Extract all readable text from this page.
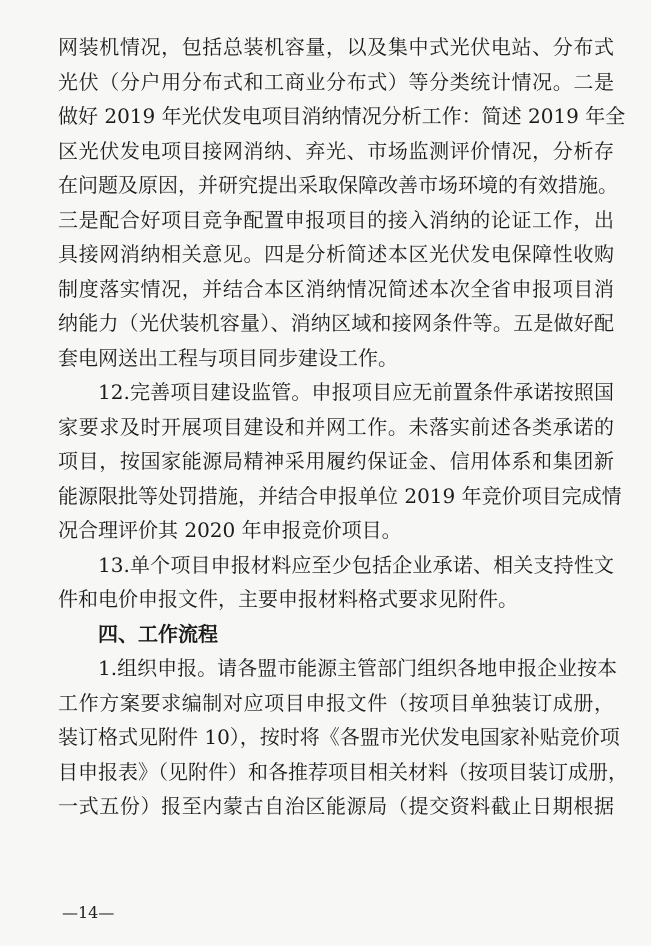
网装机情况，包括总装机容量，以及集中式光伏电站、分布式
光伏（分户用分布式和工商业分布式）等分类统计情况。二是
做好 2019 年光伏发电项目消纳情况分析工作：简述 2019 年全
区光伏发电项目接网消纳、弃光、市场监测评价情况，分析存
在问题及原因，并研究提出采取保障改善市场环境的有效措施。
三是配合好项目竞争配置申报项目的接入消纳的论证工作，出
具接网消纳相关意见。四是分析简述本区光伏发电保障性收购
制度落实情况，并结合本区消纳情况简述本次全省申报项目消
纳能力（光伏装机容量）、消纳区域和接网条件等。五是做好配
套电网送出工程与项目同步建设工作。
12.完善项目建设监管。申报项目应无前置条件承诺按照国
家要求及时开展项目建设和并网工作。未落实前述各类承诺的
项目，按国家能源局精神采用履约保证金、信用体系和集团新
能源限批等处罚措施，并结合申报单位 2019 年竞价项目完成情
况合理评价其 2020 年申报竞价项目。
13.单个项目申报材料应至少包括企业承诺、相关支持性文
件和电价申报文件，主要申报材料格式要求见附件。
四、工作流程
1.组织申报。请各盟市能源主管部门组织各地申报企业按本
工作方案要求编制对应项目申报文件（按项目单独装订成册，
装订格式见附件 10），按时将《各盟市光伏发电国家补贴竞价项
目申报表》（见附件）和各推荐项目相关材料（按项目装订成册，
一式五份）报至内蒙古自治区能源局（提交资料截止日期根据
—14—
